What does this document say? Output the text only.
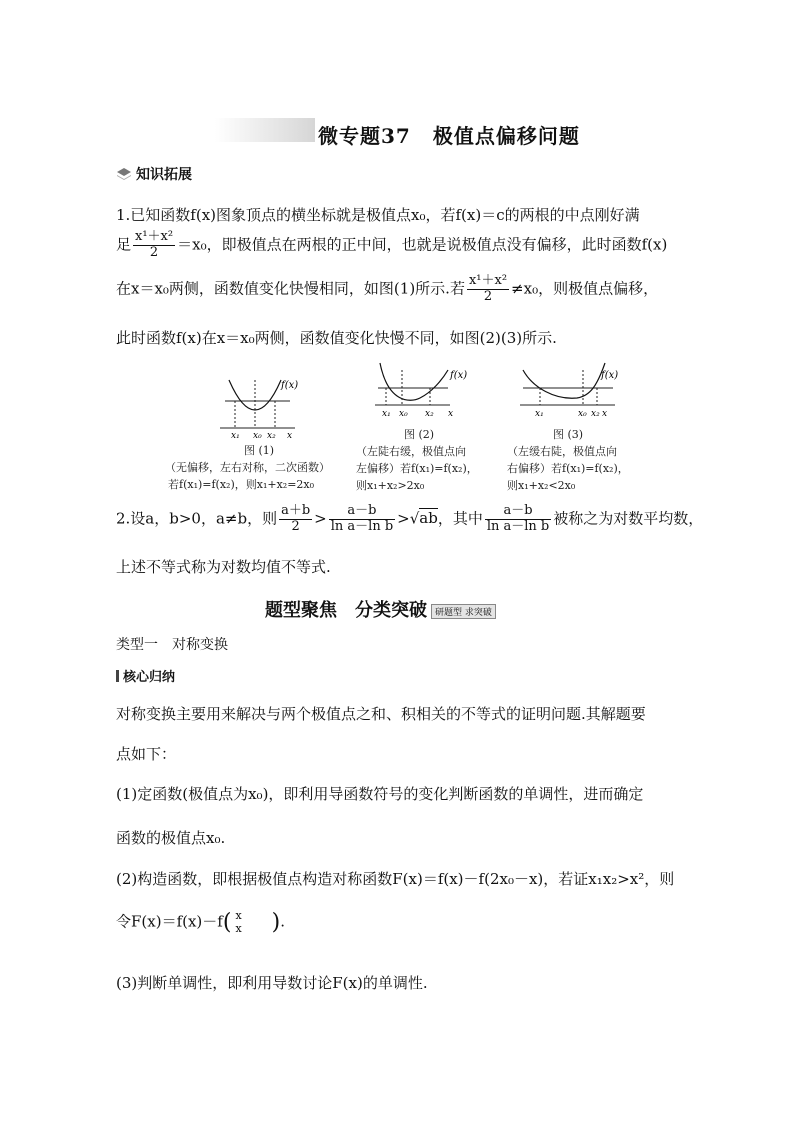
微专题37 极值点偏移问题
知识拓展
1.已知函数f(x)图象顶点的横坐标就是极值点x₀，若f(x)＝c的两根的中点刚好满
足 $\frac{\text{x¹＋x²}}{2} =x_0$，即极值点在两根的正中间，也就是说极值点没有偏移，此时函数f(x)
在x＝x₀两侧，函数值变化快慢相同，如图(1)所示.若 $\frac{\text{x¹＋x²}}{2} \ne x_0$，则极值点偏移，
此时函数f(x)在x＝x₀两侧，函数值变化快慢不同，如图(2)(3)所示.
f(x)
x₁ x₀ x₂ x
图 (1)
（无偏移，左右对称，二次函数）
若f(x₁)=f(x₂)，则x₁+x₂=2x₀
f(x)
x₁ x₀ x₂ x
图 (2)
（左陡右缓，极值点向
左偏移）若f(x₁)=f(x₂)，
则x₁+x₂>2x₀
f(x)
x₁	x₀ x₂ x
图 (3)
（左缓右陡，极值点向
右偏移）若f(x₁)=f(x₂)，
则x₁+x₂<2x₀
2.设a，b>0，a≠b，则 $\frac{a+b}{2} > \frac{a-b}{\text{ln a－ln b}} >√ab$，其中 $\frac{a-b}{\text{ln a－ln b}}$ 被称之为对数平均数，
上述不等式称为对数均值不等式.
题型聚焦　分类突破 研题型 求突破
类型一　对称变换
核心归纳
对称变换主要用来解决与两个极值点之和、积相关的不等式的证明问题.其解题要
点如下：
(1)定函数(极值点为x₀)，即利用导函数符号的变化判断函数的单调性，进而确定
函数的极值点x₀.
(2)构造函数，即根据极值点构造对称函数F(x)＝f(x)－f(2x₀－x)，若证x₁x₂>x²，则
令F(x)＝f(x)－f( x
x ).
(3)判断单调性，即利用导数讨论F(x)的单调性.
